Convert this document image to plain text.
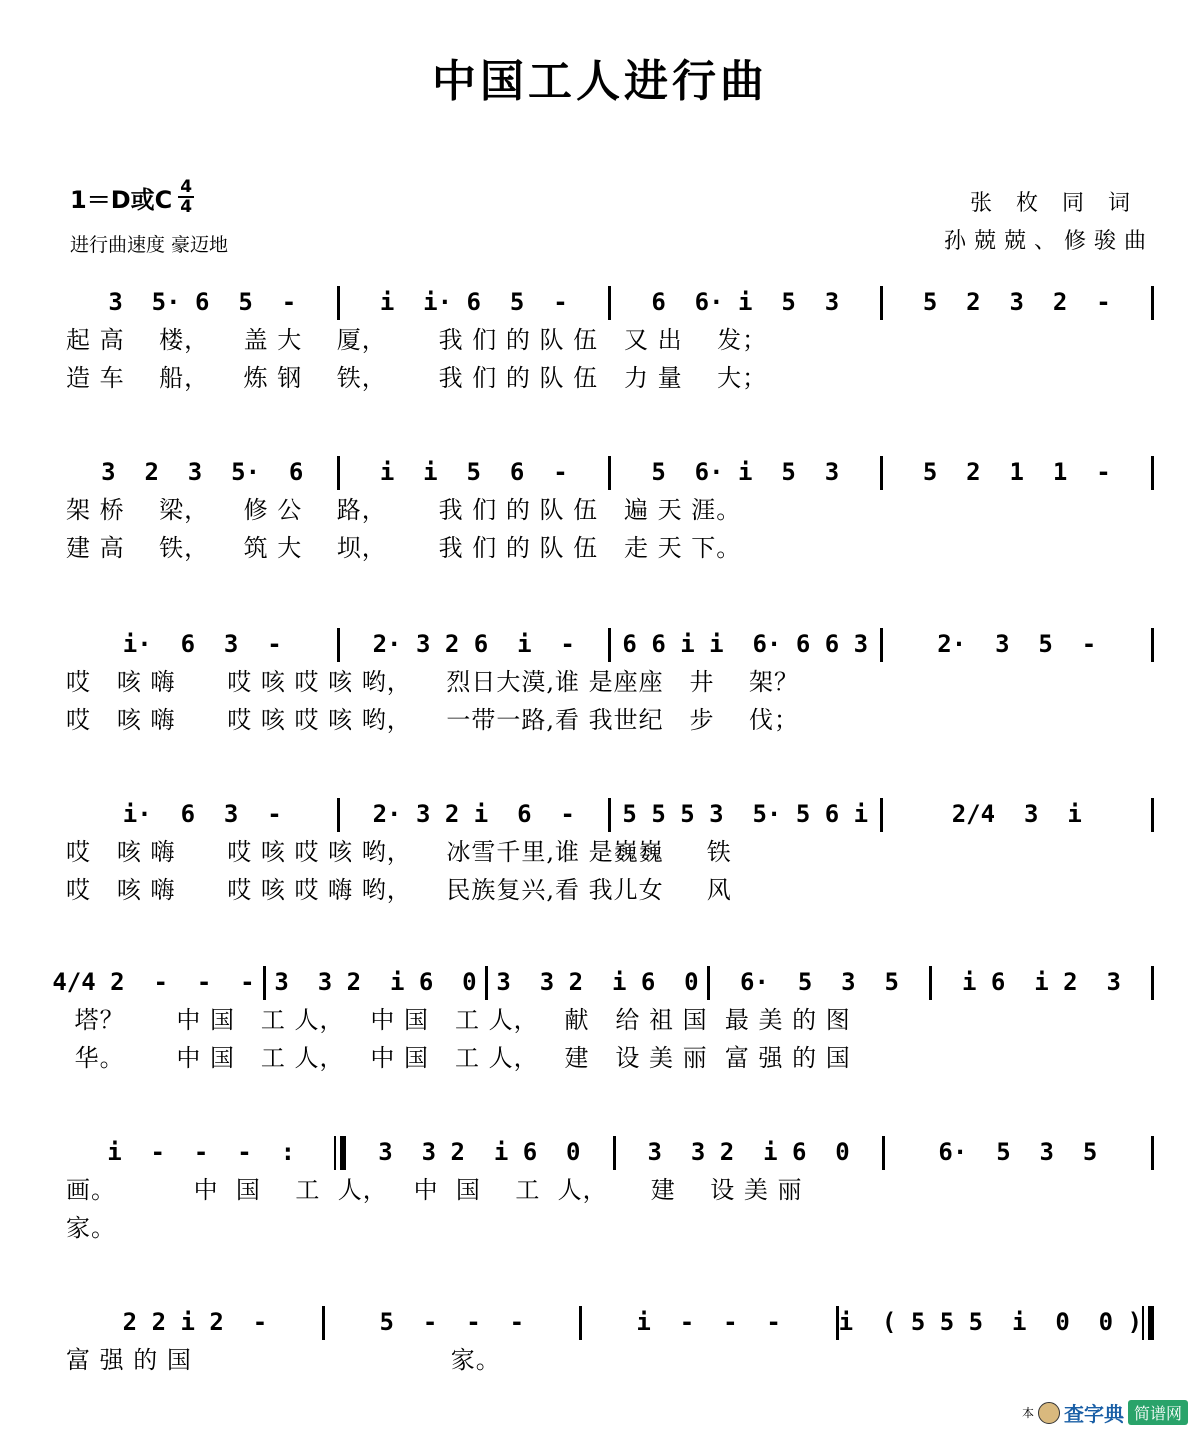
中国工人进行曲
1＝D或C $\frac{4}{4}$
进行曲速度 豪迈地
张枚同词
孙兢兢、修骏曲
3  5· 6  5  -	i  i· 6  5  -	6  6· i  5  3	5  2  3  2  -
起 高    楼，    盖 大    厦，      我 们 的 队 伍   又 出    发；
造 车    船，    炼 钢    铁，      我 们 的 队 伍   力 量    大；
3  2  3  5·  6	i  i  5  6  -	5  6· i  5  3	5  2  1  1  -
架 桥    梁，    修 公    路，      我 们 的 队 伍   遍 天 涯。
建 高    铁，    筑 大    坝，      我 们 的 队 伍   走 天 下。
i·  6  3  -	2· 3 2 6  i  -	6 6 i i  6· 6 6 3	2·  3  5  -
哎   咳 嗨      哎 咳 哎 咳 哟，    烈日大漠,谁 是座座   井    架？
哎   咳 嗨      哎 咳 哎 咳 哟，    一带一路,看 我世纪   步    伐；
i·  6  3  -	2· 3 2 i  6  -	5 5 5 3  5· 5 6 i	2/4  3  i
哎   咳 嗨      哎 咳 哎 咳 哟，    冰雪千里,谁 是巍巍     铁
哎   咳 嗨      哎 咳 哎 嗨 哟，    民族复兴,看 我儿女     风
4/4 2  -  -  - 3  3 2  i 6  0 3  3 2  i 6  0	6·  5  3  5	i 6  i 2  3
塔？      中 国   工 人，   中 国   工 人，   献   给 祖 国  最 美 的 图
华。      中 国   工 人，   中 国   工 人，   建   设 美 丽  富 强 的 国
i  -  -  -  :	3  3 2  i 6  0	3  3 2  i 6  0	6·  5  3  5
画。         中  国    工  人，   中  国    工  人，     建    设 美 丽
家。
2 2 i 2  -	5  -  -  -	i  -  -  -	i  ( 5 5 5  i  0  0 )
富 强 的 国                              家。
本 查字典 简谱网
